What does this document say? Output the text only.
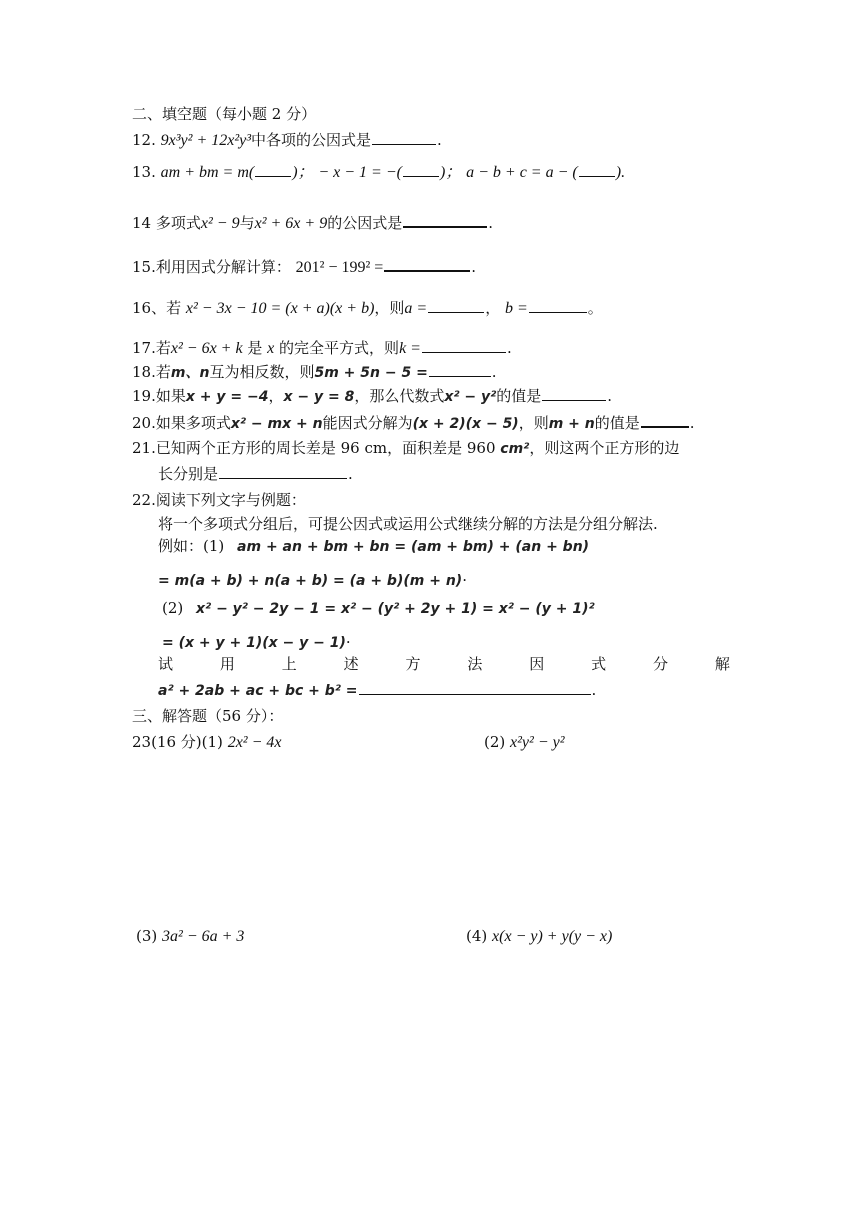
二、填空题（每小题 2 分）
12. 9x³y² + 12x²y³中各项的公因式是	.
13. am + bm = m( )； − x − 1 = −( )； a − b + c = a − ( ).
14 多项式x² − 9与x² + 6x + 9的公因式是	.
15.利用因式分解计算： 201² − 199² =	.
16、若 x² − 3x − 10 = (x + a)(x + b)，则a =	， b =	。
17.若x² − 6x + k 是 x 的完全平方式，则k =	.
18.若m、n互为相反数，则5m + 5n − 5 =	.
19.如果x + y = −4，x − y = 8，那么代数式x² − y²的值是	.
20.如果多项式x² − mx + n能因式分解为(x + 2)(x − 5)，则m + n的值是	.
21.已知两个正方形的周长差是 96 cm，面积差是 960 cm²，则这两个正方形的边
长分别是	.
22.阅读下列文字与例题：
将一个多项式分组后，可提公因式或运用公式继续分解的方法是分组分解法.
例如：(1) am + an + bm + bn = (am + bm) + (an + bn)
= m(a + b) + n(a + b) = (a + b)(m + n)·
(2) x² − y² − 2y − 1 = x² − (y² + 2y + 1) = x² − (y + 1)²
= (x + y + 1)(x − y − 1)·
试	用	上	述	方	法	因	式	分	解
a² + 2ab + ac + bc + b² =	.
三、解答题（56 分）：
23(16 分)(1) 2x² − 4x	(2) x²y² − y²
(3) 3a² − 6a + 3	(4) x(x − y) + y(y − x)
